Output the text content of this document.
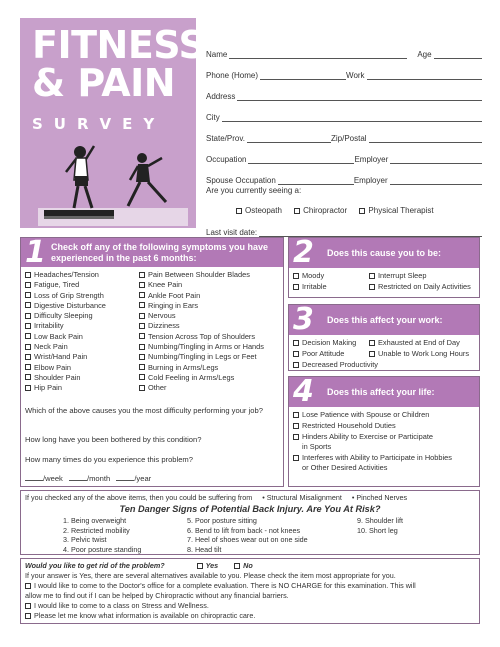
FITNESS
& PAIN
SURVEY
Name	Age
Phone (Home)	Work
Address
City
State/Prov.	Zip/Postal
Occupation	Employer
Spouse Occupation	Employer
Are you currently seeing a:
Osteopath	Chiropractor	Physical Therapist
Last visit date:
1 Check off any of the following symptoms you have experienced in the past 6 months:
Headaches/Tension
Fatigue, Tired
Loss of Grip Strength
Digestive Disturbance
Difficulty Sleeping
Irritability
Low Back Pain
Neck Pain
Wrist/Hand Pain
Elbow Pain
Shoulder Pain
Hip Pain
Pain Between Shoulder Blades
Knee Pain
Ankle Foot Pain
Ringing in Ears
Nervous
Dizziness
Tension Across Top of Shoulders
Numbing/Tingling in Arms or Hands
Numbing/Tingling in Legs or Feet
Burning in Arms/Legs
Cold Feeling in Arms/Legs
Other
Which of the above causes you the most difficulty performing your job?
How long have you been bothered by this condition?
How many times do you experience this problem?
/week	/month	/year
2 Does this cause you to be:
Moody	Interrupt Sleep
Irritable	Restricted on Daily Activities
3 Does this affect your work:
Decision Making	Exhausted at End of Day
Poor Attitude	Unable to Work Long Hours
Decreased Productivity
4 Does this affect your life:
Lose Patience with Spouse or Children
Restricted Household Duties
Hinders Ability to Exercise or Participate
in Sports
Interferes with Ability to Participate in Hobbies
or Other Desired Activities
If you checked any of the above items, then you could be suffering from • Structural Misalignment • Pinched Nerves
Ten Danger Signs of Potential Back Injury. Are You At Risk?
1. Being overweight
2. Restricted mobility
3. Pelvic twist
4. Poor posture standing
5. Poor posture sitting
6. Bend to lift from back - not knees
7. Heel of shoes wear out on one side
8. Head tilt
9. Shoulder lift
10. Short leg
Would you like to get rid of the problem?	Yes	No
If your answer is Yes, there are several alternatives available to you. Please check the item most appropriate for you.
I would like to come to the Doctor's office for a complete evaluation. There is NO CHARGE for this examination. This will
allow me to find out if I can be helped by Chiropractic without any financial barriers.
I would like to come to a class on Stress and Wellness.
Please let me know what information is available on chiropractic care.
